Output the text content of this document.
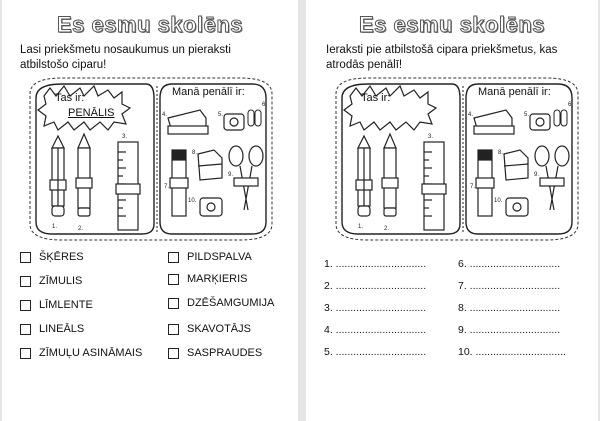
Es esmu skolēns
Lasi priekšmetu nosaukumus un pieraksti atbilstošo ciparu!
Tas ir:
PENĀLIS
Manā penālī ir:
1.	2.
3.
4.	5.
6.
7.
8.
9.
10.
ŠĶĒRES
ZĪMULIS
LĪMLENTE
LINEĀLS
ZĪMUĻU ASINĀMAIS
PILDSPALVA
MARĶIERIS
DZĒŠAMGUMIJA
SKAVOTĀJS
SASPRAUDES
Es esmu skolēns
Ieraksti pie atbilstošā cipara priekšmetus, kas atrodās penālī!
Tas ir:	Manā penālī ir:
1.	2.
3.
4.	5.
6.
7.
8.
9.
10.
1. ...............................
2. ...............................
3. ...............................
4. ...............................
5. ...............................
6. ...............................
7. ...............................
8. ...............................
9. ...............................
10. ...............................
